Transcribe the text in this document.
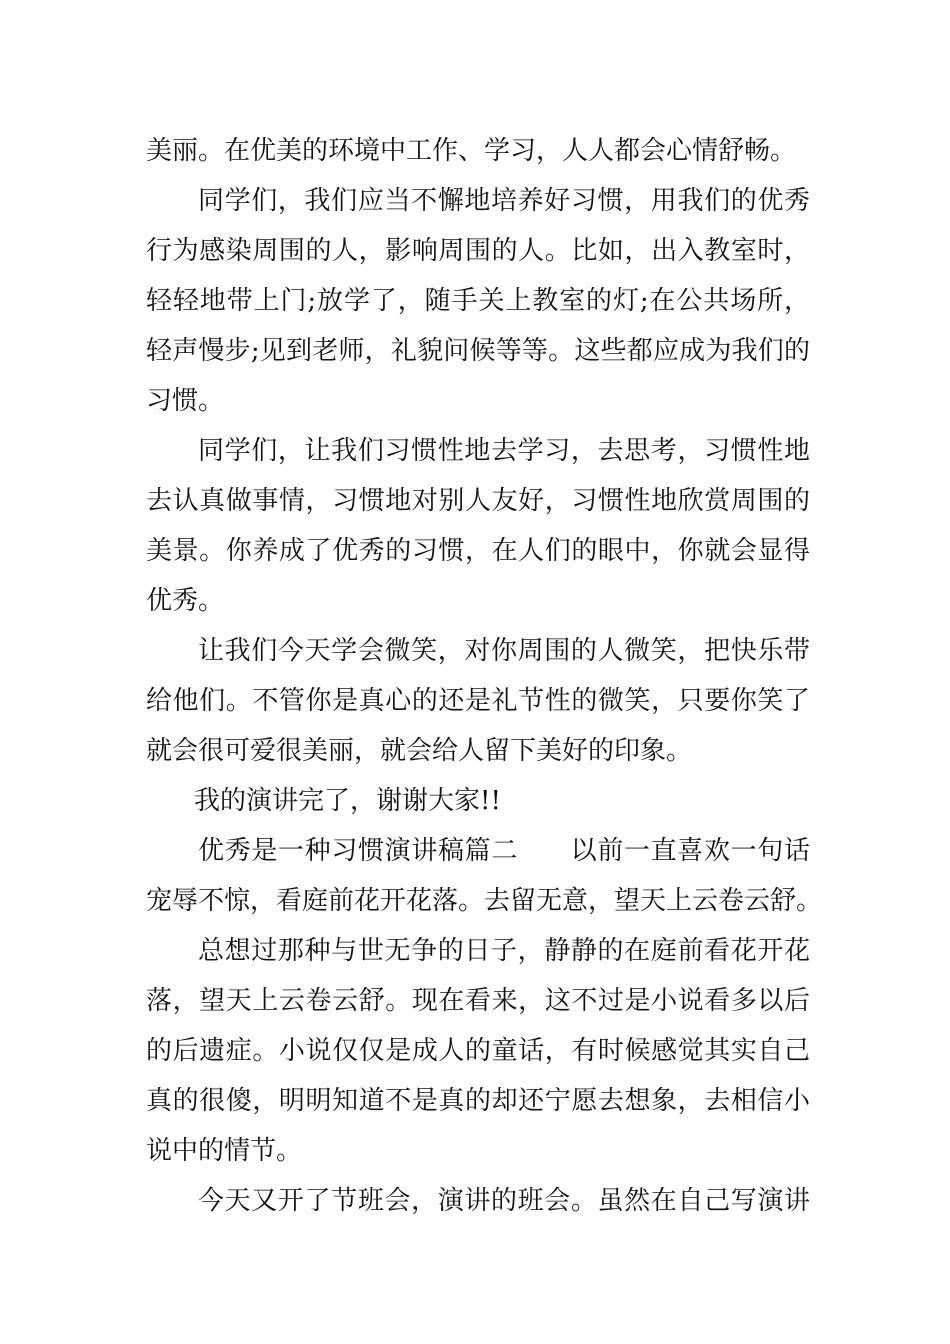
美丽。在优美的环境中工作、学习，人人都会心情舒畅。
同学们，我们应当不懈地培养好习惯，用我们的优秀
行为感染周围的人，影响周围的人。比如，出入教室时，
轻轻地带上门;放学了，随手关上教室的灯;在公共场所，
轻声慢步;见到老师，礼貌问候等等。这些都应成为我们的
习惯。
同学们，让我们习惯性地去学习，去思考，习惯性地
去认真做事情，习惯地对别人友好，习惯性地欣赏周围的
美景。你养成了优秀的习惯，在人们的眼中，你就会显得
优秀。
让我们今天学会微笑，对你周围的人微笑，把快乐带
给他们。不管你是真心的还是礼节性的微笑，只要你笑了
就会很可爱很美丽，就会给人留下美好的印象。
我的演讲完了，谢谢大家!!
优秀是一种习惯演讲稿篇二 以前一直喜欢一句话
宠辱不惊，看庭前花开花落。去留无意，望天上云卷云舒。
总想过那种与世无争的日子，静静的在庭前看花开花
落，望天上云卷云舒。现在看来，这不过是小说看多以后
的后遗症。小说仅仅是成人的童话，有时候感觉其实自己
真的很傻，明明知道不是真的却还宁愿去想象，去相信小
说中的情节。
今天又开了节班会，演讲的班会。虽然在自己写演讲
